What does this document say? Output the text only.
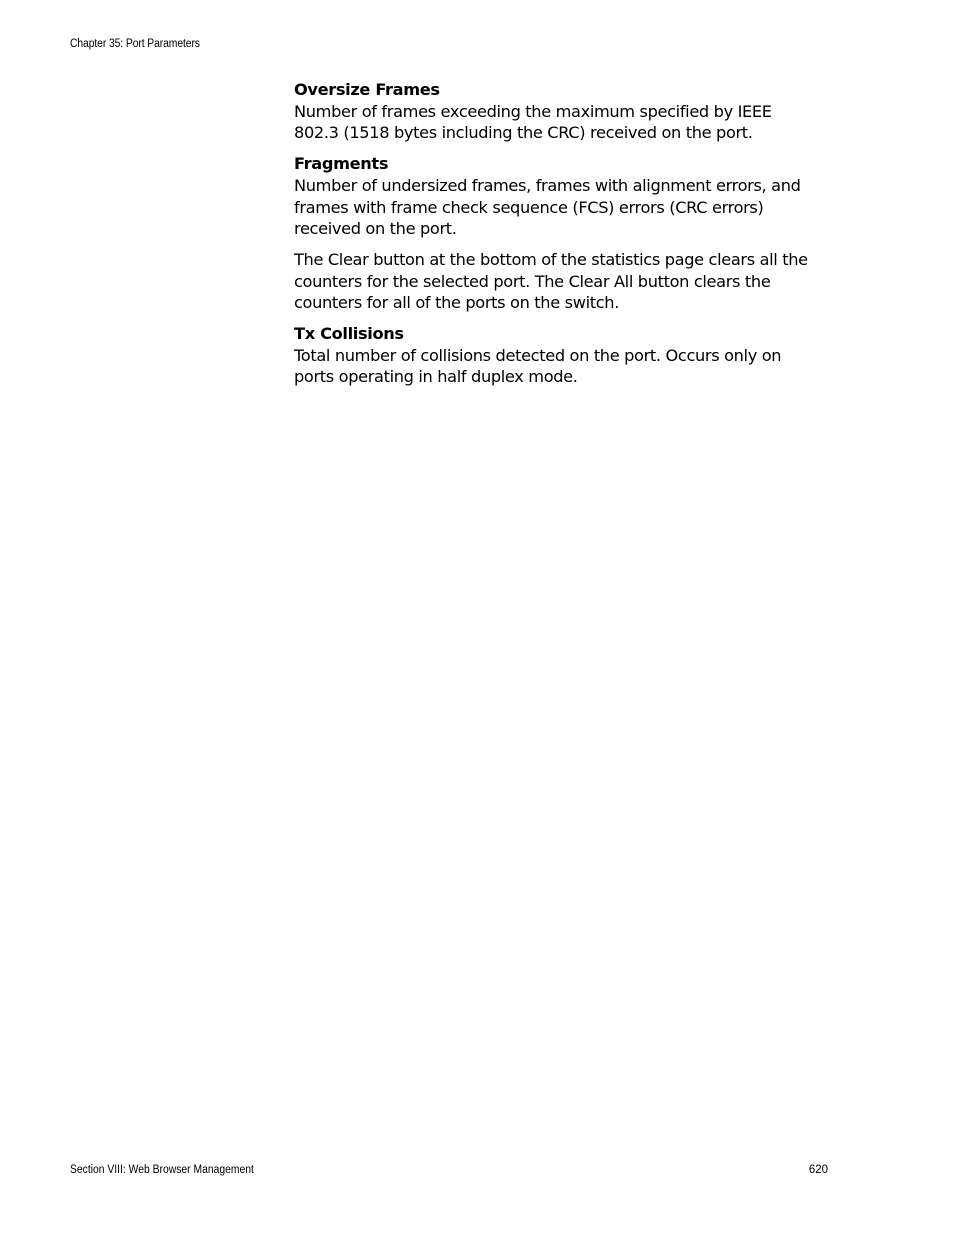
Chapter 35: Port Parameters
Oversize Frames

Number of frames exceeding the maximum specified by IEEE 802.3 (1518 bytes including the CRC) received on the port.

Fragments

Number of undersized frames, frames with alignment errors, and frames with frame check sequence (FCS) errors (CRC errors) received on the port.

The Clear button at the bottom of the statistics page clears all the counters for the selected port. The Clear All button clears the counters for all of the ports on the switch.

Tx Collisions

Total number of collisions detected on the port. Occurs only on ports operating in half duplex mode.

Section VIII: Web Browser Management	620
